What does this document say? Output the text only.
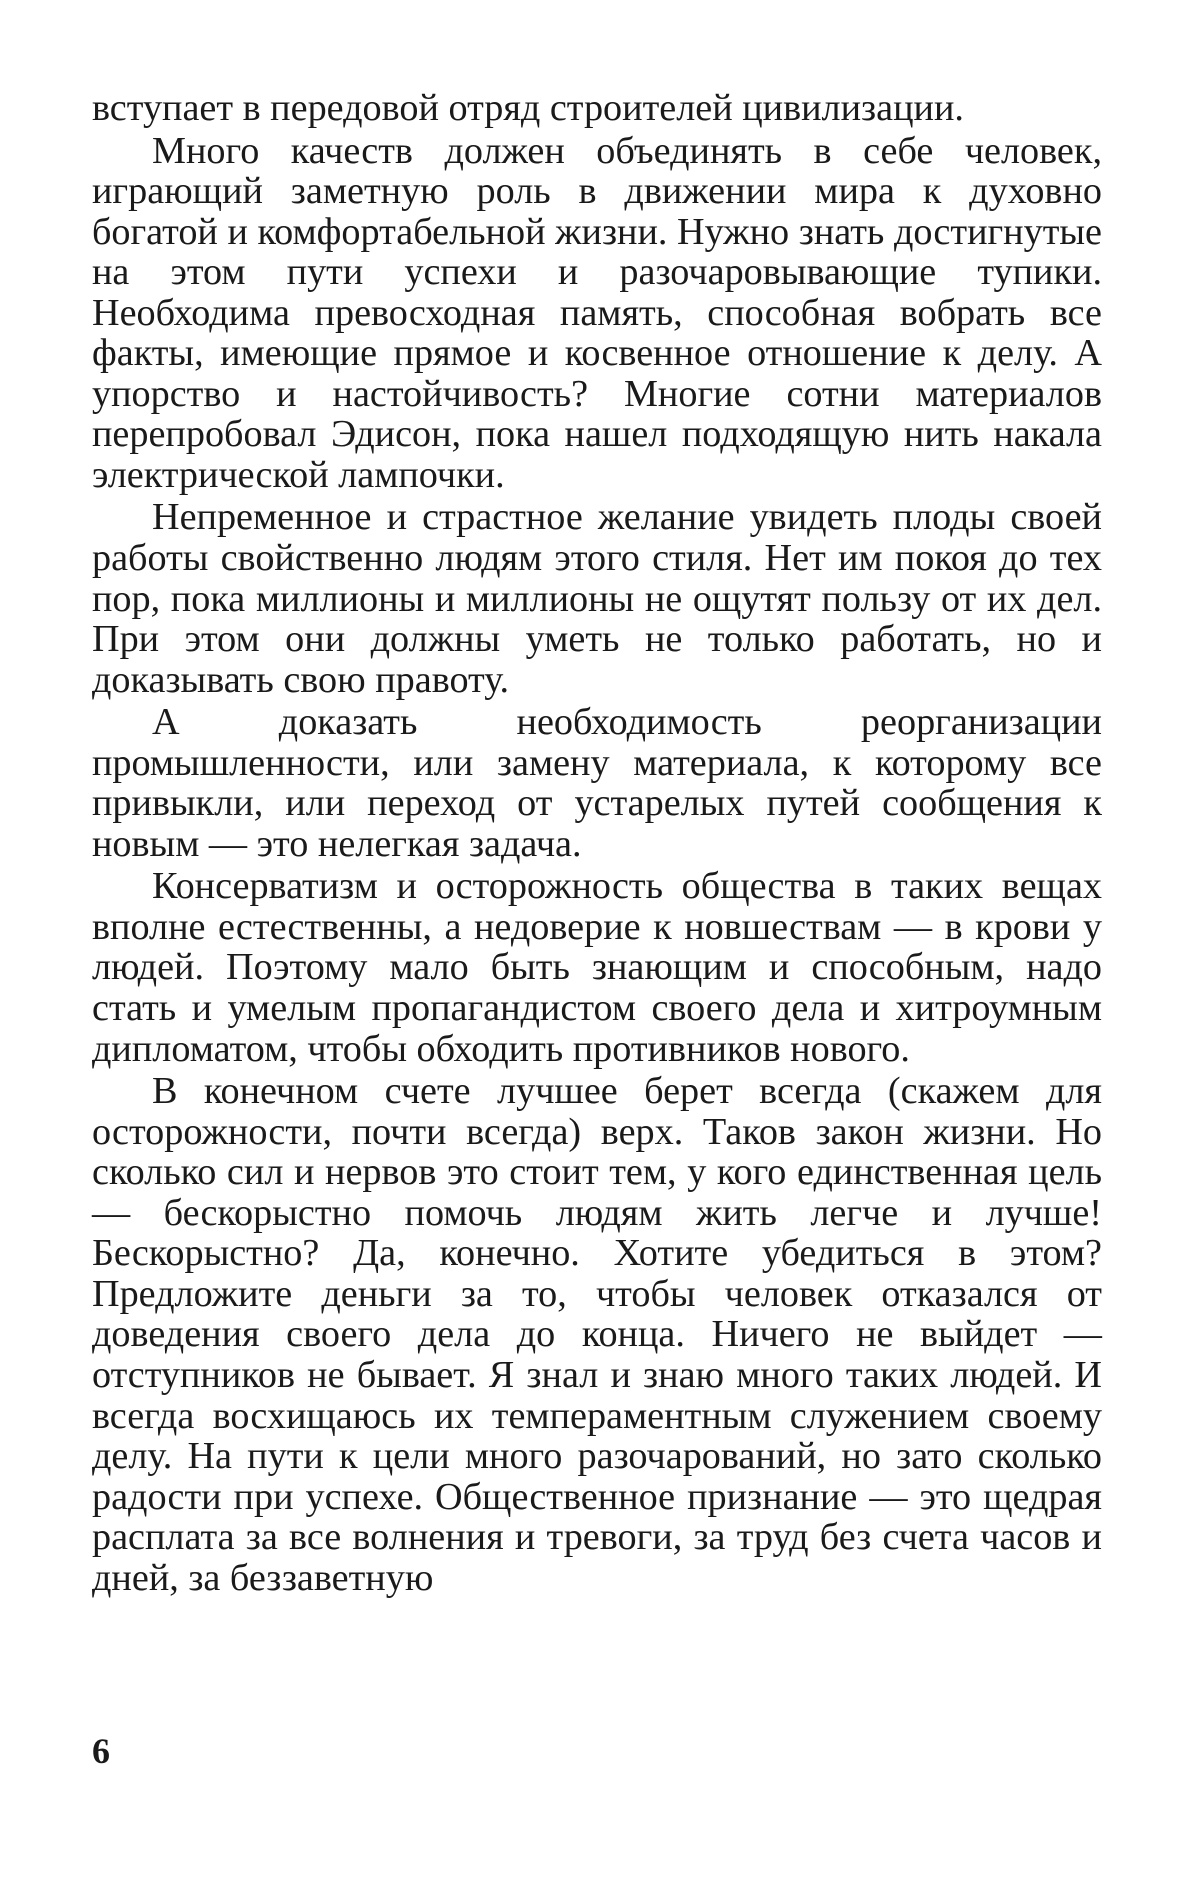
вступает в передовой отряд строителей цивилизации.

Много качеств должен объединять в себе человек, играющий заметную роль в движении мира к духовно богатой и комфортабельной жизни. Нужно знать достигнутые на этом пути успехи и разочаровывающие тупики. Необходима превосходная память, способная вобрать все факты, имеющие прямое и косвенное отношение к делу. А упорство и настойчивость? Многие сотни материалов перепробовал Эдисон, пока нашел подходящую нить накала электрической лампочки.

Непременное и страстное желание увидеть плоды своей работы свойственно людям этого стиля. Нет им покоя до тех пор, пока миллионы и миллионы не ощутят пользу от их дел. При этом они должны уметь не только работать, но и доказывать свою правоту.

А доказать необходимость реорганизации промышленности, или замену материала, к которому все привыкли, или переход от устарелых путей сообщения к новым — это нелегкая задача.

Консерватизм и осторожность общества в таких вещах вполне естественны, а недоверие к новшествам — в крови у людей. Поэтому мало быть знающим и способным, надо стать и умелым пропагандистом своего дела и хитроумным дипломатом, чтобы обходить противников нового.

В конечном счете лучшее берет всегда (скажем для осторожности, почти всегда) верх. Таков закон жизни. Но сколько сил и нервов это стоит тем, у кого единственная цель — бескорыстно помочь людям жить легче и лучше! Бескорыстно? Да, конечно. Хотите убедиться в этом? Предложите деньги за то, чтобы человек отказался от доведения своего дела до конца. Ничего не выйдет — отступников не бывает. Я знал и знаю много таких людей. И всегда восхищаюсь их темпераментным служением своему делу. На пути к цели много разочарований, но зато сколько радости при успехе. Общественное признание — это щедрая расплата за все волнения и тревоги, за труд без счета часов и дней, за беззаветную

6
